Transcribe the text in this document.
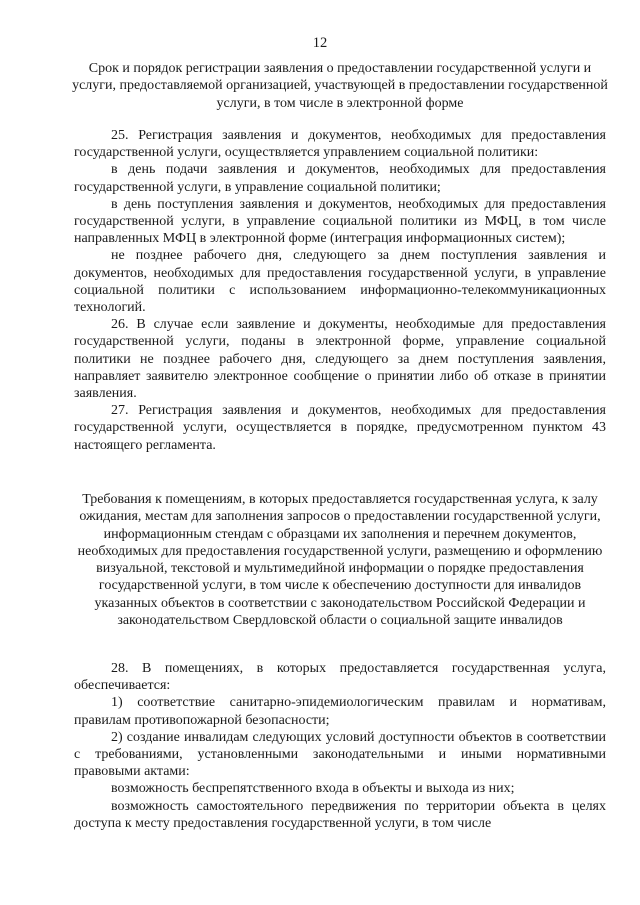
12
Срок и порядок регистрации заявления о предоставлении государственной услуги и услуги, предоставляемой организацией, участвующей в предоставлении государственной услуги, в том числе в электронной форме

25. Регистрация заявления и документов, необходимых для предоставления государственной услуги, осуществляется управлением социальной политики:

в день подачи заявления и документов, необходимых для предоставления государственной услуги, в управление социальной политики;

в день поступления заявления и документов, необходимых для предоставления государственной услуги, в управление социальной политики из МФЦ, в том числе направленных МФЦ в электронной форме (интеграция информационных систем);

не позднее рабочего дня, следующего за днем поступления заявления и документов, необходимых для предоставления государственной услуги, в управление социальной политики с использованием информационно-телекоммуникационных технологий.

26. В случае если заявление и документы, необходимые для предоставления государственной услуги, поданы в электронной форме, управление социальной политики не позднее рабочего дня, следующего за днем поступления заявления, направляет заявителю электронное сообщение о принятии либо об отказе в принятии заявления.

27. Регистрация заявления и документов, необходимых для предоставления государственной услуги, осуществляется в порядке, предусмотренном пунктом 43 настоящего регламента.

Требования к помещениям, в которых предоставляется государственная услуга, к залу ожидания, местам для заполнения запросов о предоставлении государственной услуги, информационным стендам с образцами их заполнения и перечнем документов, необходимых для предоставления государственной услуги, размещению и оформлению визуальной, текстовой и мультимедийной информации о порядке предоставления государственной услуги, в том числе к обеспечению доступности для инвалидов указанных объектов в соответствии с законодательством Российской Федерации и законодательством Свердловской области о социальной защите инвалидов

28. В помещениях, в которых предоставляется государственная услуга, обеспечивается:

1) соответствие санитарно-эпидемиологическим правилам и нормативам, правилам противопожарной безопасности;

2) создание инвалидам следующих условий доступности объектов в соответствии с требованиями, установленными законодательными и иными нормативными правовыми актами:

возможность беспрепятственного входа в объекты и выхода из них;

возможность самостоятельного передвижения по территории объекта в целях доступа к месту предоставления государственной услуги, в том числе
